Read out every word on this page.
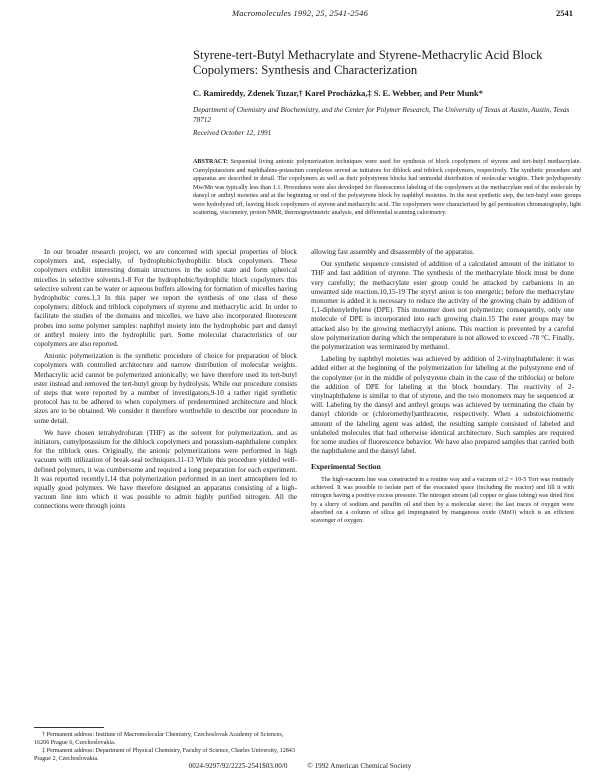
Macromolecules 1992, 25, 2541-2546	2541
Styrene-tert-Butyl Methacrylate and Styrene-Methacrylic Acid Block Copolymers: Synthesis and Characterization
C. Ramireddy, Zdenek Tuzar,† Karel Procházka,‡ S. E. Webber, and Petr Munk*
Department of Chemistry and Biochemistry, and the Center for Polymer Research, The University of Texas at Austin, Austin, Texas 78712
Received October 12, 1991
ABSTRACT: Sequential living anionic polymerization techniques were used for synthesis of block copolymers of styrene and tert-butyl methacrylate. Cumylpotassium and naphthalene-potassium complexes served as initiators for diblock and triblock copolymers, respectively. The synthetic procedure and apparatus are described in detail. The copolymers as well as their polystyrene blocks had unimodal distribution of molecular weights. Their polydispersity Mw/Mn was typically less than 1.1. Procedures were also developed for fluorescence labeling of the copolymers at the methacrylate end of the molecule by dansyl or anthryl moieties and at the beginning or end of the polystyrene block by naphthyl moieties. In the next synthetic step, the tert-butyl ester groups were hydrolyzed off, leaving block copolymers of styrene and methacrylic acid. The copolymers were characterized by gel permeation chromatography, light scattering, viscometry, proton NMR, thermogravimetric analysis, and differential scanning calorimetry.

In our broader research project, we are concerned with special properties of block copolymers and, especially, of hydrophobic/hydrophilic block copolymers. These copolymers exhibit interesting domain structures in the solid state and form spherical micelles in selective solvents.1-8 For the hydrophobic/hydrophilic block copolymers this selective solvent can be water or aqueous buffers allowing for formation of micelles having hydrophobic cores.1,3 In this paper we report the synthesis of one class of these copolymers: diblock and triblock copolymers of styrene and methacrylic acid. In order to facilitate the studies of the domains and micelles, we have also incorporated fluorescent probes into some polymer samples: naphthyl moiety into the hydrophobic part and dansyl or anthryl moiety into the hydrophilic part. Some molecular characteristics of our copolymers are also reported.

Anionic polymerization is the synthetic procedure of choice for preparation of block copolymers with controlled architecture and narrow distribution of molecular weights. Methacrylic acid cannot be polymerized anionically; we have therefore used its tert-butyl ester instead and removed the tert-butyl group by hydrolysis. While our procedure consists of steps that were reported by a number of investigators,9-10 a rather rigid synthetic protocol has to be adhered to when copolymers of predetermined architecture and block sizes are to be obtained. We consider it therefore worthwhile to describe our procedure in some detail.

We have chosen tetrahydrofuran (THF) as the solvent for polymerization, and as initiators, cumylpotassium for the diblock copolymers and potassium-naphthalene complex for the triblock ones. Originally, the anionic polymerizations were performed in high vacuum with utilization of break-seal techniques.11-13 While this procedure yielded well-defined polymers, it was cumbersome and required a long preparation for each experiment. It was reported recently1,14 that polymerization performed in an inert atmosphere led to equally good polymers. We have therefore designed an apparatus consisting of a high-vacuum line into which it was possible to admit highly purified nitrogen. All the connections were through joints

allowing fast assembly and disassembly of the apparatus.

Our synthetic sequence consisted of addition of a calculated amount of the initiator to THF and fast addition of styrene. The synthesis of the methacrylate block must be done very carefully; the methacrylate ester group could be attacked by carbanions in an unwanted side reaction.10,15-19 The styryl anion is too energetic; before the methacrylate monomer is added it is necessary to reduce the activity of the growing chain by addition of 1,1-diphenylethylene (DPE). This monomer does not polymerize; consequently, only one molecule of DPE is incorporated into each growing chain.15 The ester groups may be attacked also by the growing methacrylyl anions. This reaction is prevented by a careful slow polymerization during which the temperature is not allowed to exceed -78 °C. Finally, the polymerization was terminated by methanol.

Labeling by naphthyl moieties was achieved by addition of 2-vinylnaphthalene: it was added either at the beginning of the polymerization for labeling at the polystyrene end of the copolymer (or in the middle of polystyrene chain in the case of the triblocks) or before the addition of DPE for labeling at the block boundary. The reactivity of 2-vinylnaphthalene is similar to that of styrene, and the two monomers may be sequenced at will. Labeling by the dansyl and anthryl groups was achieved by terminating the chain by dansyl chloride or (chloromethyl)anthracene, respectively. When a substoichiometric amount of the labeling agent was added, the resulting sample consisted of labeled and unlabeled molecules that had otherwise identical architecture. Such samples are required for some studies of fluorescence behavior. We have also prepared samples that carried both the naphthalene and the dansyl label.

Experimental Section

The high-vacuum line was constructed in a routine way and a vacuum of 2 × 10-5 Torr was routinely achieved. It was possible to isolate part of the evacuated space (including the reactor) and fill it with nitrogen having a positive excess pressure. The nitrogen stream (all copper or glass tubing) was dried first by a slurry of sodium and paraffin oil and then by a molecular sieve; the last traces of oxygen were absorbed on a column of silica gel impregnated by manganous oxide (MnO) which is an efficient scavenger of oxygen.

† Permanent address: Institute of Macromolecular Chemistry, Czechoslovak Academy of Sciences, 16206 Prague 6, Czechoslovakia.

‡ Permanent address: Department of Physical Chemistry, Faculty of Science, Charles University, 12843 Prague 2, Czechoslovakia.

0024-9297/92/2225-2541$03.00/0	© 1992 American Chemical Society
